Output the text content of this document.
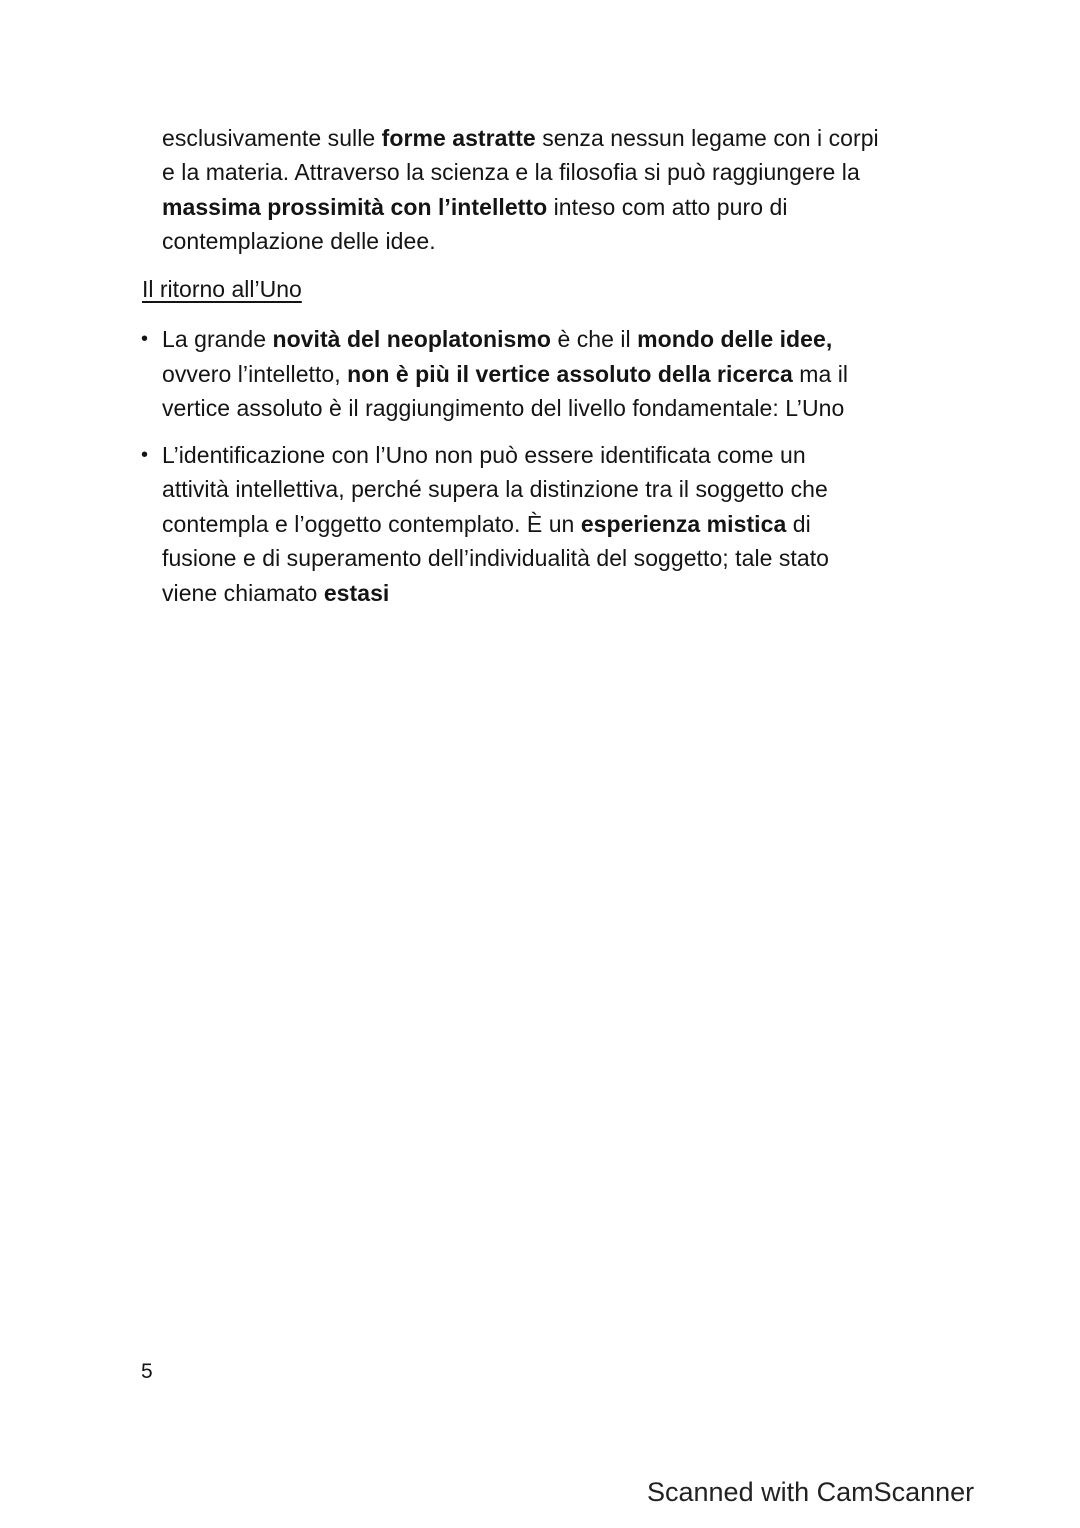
esclusivamente sulle forme astratte senza nessun legame con i corpi
e la materia. Attraverso la scienza e la filosofia si può raggiungere la
massima prossimità con l’intelletto inteso com atto puro di
contemplazione delle idee.
Il ritorno all’Uno
• La grande novità del neoplatonismo è che il mondo delle idee,
ovvero l’intelletto, non è più il vertice assoluto della ricerca ma il
vertice assoluto è il raggiungimento del livello fondamentale: L’Uno
• L’identificazione con l’Uno non può essere identificata come un
attività intellettiva, perché supera la distinzione tra il soggetto che
contempla e l’oggetto contemplato. È un esperienza mistica di
fusione e di superamento dell’individualità del soggetto; tale stato
viene chiamato estasi
5
Scanned with CamScanner
